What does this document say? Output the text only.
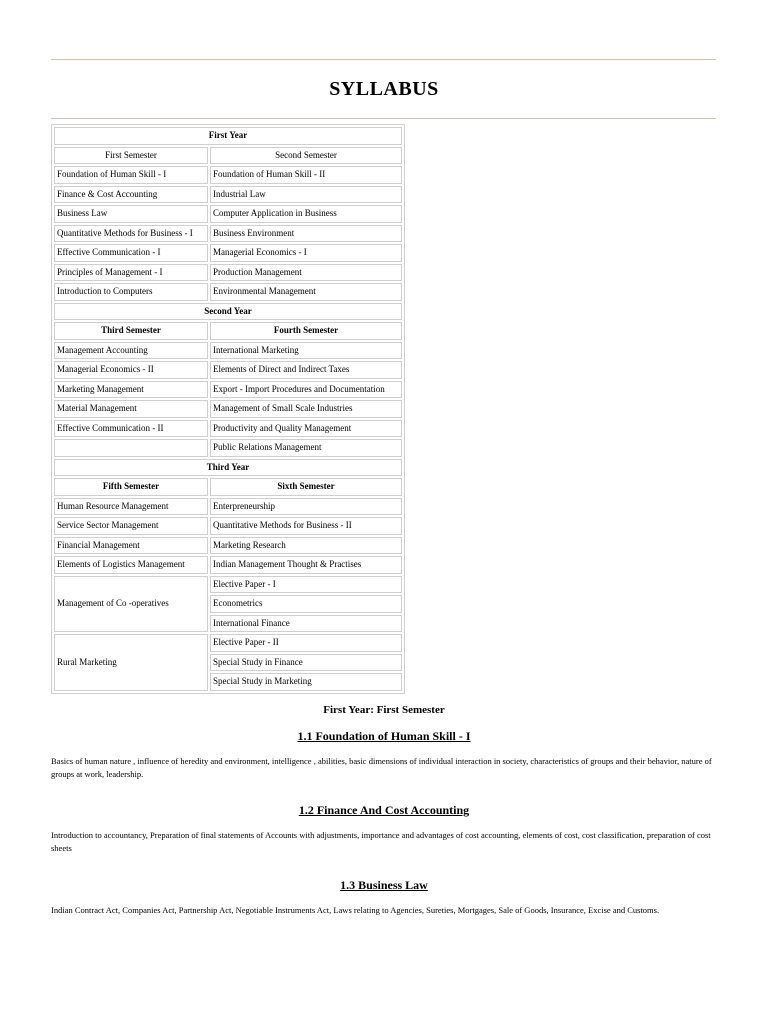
SYLLABUS
First Year	
First Semester	Second Semester
Foundation of Human Skill - I	Foundation of Human Skill - II
Finance & Cost Accounting	Industrial Law
Business Law	Computer Application in Business
Quantitative Methods for Business - I	Business Environment
Effective Communication - I	Managerial Economics - I
Principles of Management - I	Production Management
Introduction to Computers	Environmental Management
Second Year	
Third Semester	Fourth Semester
Management Accounting	International Marketing
Managerial Economics - II	Elements of Direct and Indirect Taxes
Marketing Management	Export - Import Procedures and Documentation
Material Management	Management of Small Scale Industries
Effective Communication - II	Productivity and Quality Management
	Public Relations Management
Third Year	
Fifth Semester	Sixth Semester
Human Resource Management	Enterpreneurship
Service Sector Management	Quantitative Methods for Business - II
Financial Management	Marketing Research
Elements of Logistics Management	Indian Management Thought & Practises
Management of Co -operatives	Elective Paper - I
	Econometrics
	International Finance
Rural Marketing	Elective Paper - II
	Special Study in Finance
	Special Study in Marketing
First Year: First Semester
1.1 Foundation of Human Skill - I
Basics of human nature , influence of heredity and environment, intelligence , abilities, basic dimensions of individual interaction in society, characteristics of groups and their behavior, nature of groups at work, leadership.
1.2 Finance And Cost Accounting
Introduction to accountancy, Preparation of final statements of Accounts with adjustments, importance and advantages of cost accounting, elements of cost, cost classification, preparation of cost sheets
1.3 Business Law
Indian Contract Act, Companies Act, Partnership Act, Negotiable Instruments Act, Laws relating to Agencies, Sureties, Mortgages, Sale of Goods, Insurance, Excise and Customs.
